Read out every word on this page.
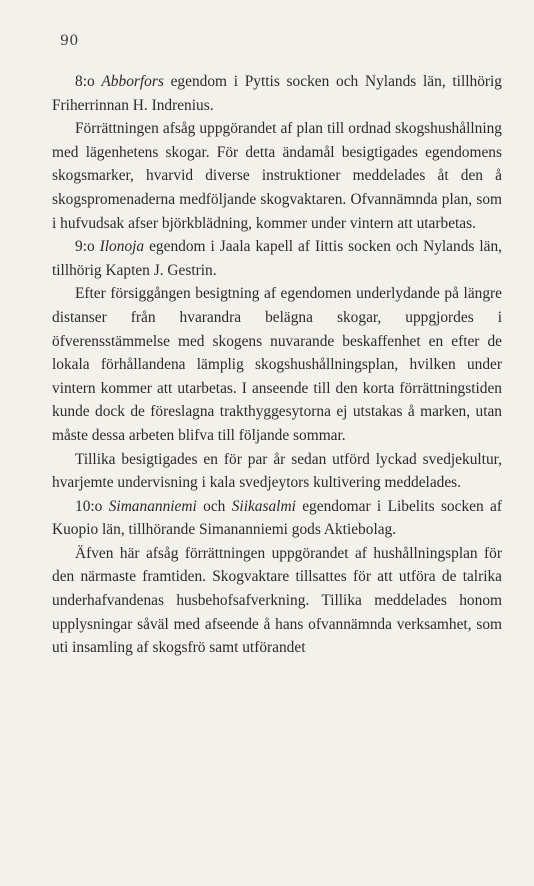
90

8:o Abborfors egendom i Pyttis socken och Nylands län, tillhörig Friherrinnan H. Indrenius.

Förrättningen afsåg uppgörandet af plan till ordnad skogshushållning med lägenhetens skogar. För detta ändamål besigtigades egendomens skogsmarker, hvarvid diverse instruktioner meddelades åt den å skogspromenaderna medföljande skogvaktaren. Ofvannämnda plan, som i hufvudsak afser björkblädning, kommer under vintern att utarbetas.

9:o Ilonoja egendom i Jaala kapell af Iittis socken och Nylands län, tillhörig Kapten J. Gestrin.

Efter försiggången besigtning af egendomen underlydande på längre distanser från hvarandra belägna skogar, uppgjordes i öfverensstämmelse med skogens nuvarande beskaffenhet en efter de lokala förhållandena lämplig skogshushållningsplan, hvilken under vintern kommer att utarbetas. I anseende till den korta förrättningstiden kunde dock de föreslagna trakthyggesytorna ej utstakas å marken, utan måste dessa arbeten blifva till följande sommar.

Tillika besigtigades en för par år sedan utförd lyckad svedjekultur, hvarjemte undervisning i kala svedjeytors kultivering meddelades.

10:o Simananniemi och Siikasalmi egendomar i Libelits socken af Kuopio län, tillhörande Simananniemi gods Aktiebolag.

Äfven här afsåg förrättningen uppgörandet af hushållningsplan för den närmaste framtiden. Skogvaktare tillsattes för att utföra de talrika underhafvandenas husbehofsafverkning. Tillika meddelades honom upplysningar såväl med afseende å hans ofvannämnda verksamhet, som uti insamling af skogsfrö samt utförandet
